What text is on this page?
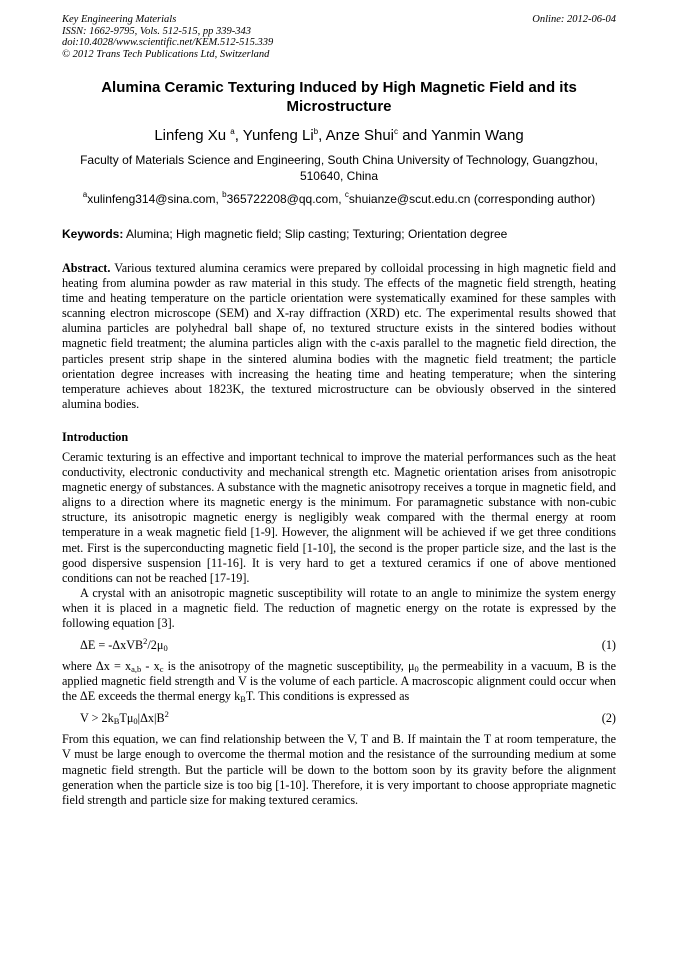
Key Engineering Materials
ISSN: 1662-9795, Vols. 512-515, pp 339-343
doi:10.4028/www.scientific.net/KEM.512-515.339
© 2012 Trans Tech Publications Ltd, Switzerland
Online: 2012-06-04
Alumina Ceramic Texturing Induced by High Magnetic Field and its Microstructure
Linfeng Xu $^a$, Yunfeng Li$^b$, Anze Shui$^c$ and Yanmin Wang
Faculty of Materials Science and Engineering, South China University of Technology, Guangzhou, 510640, China
$^a$xulinfeng314@sina.com, $^b$365722208@qq.com, $^c$shuianze@scut.edu.cn (corresponding author)
Keywords: Alumina; High magnetic field; Slip casting; Texturing; Orientation degree
Abstract. Various textured alumina ceramics were prepared by colloidal processing in high magnetic field and heating from alumina powder as raw material in this study. The effects of the magnetic field strength, heating time and heating temperature on the particle orientation were systematically examined for these samples with scanning electron microscope (SEM) and X-ray diffraction (XRD) etc. The experimental results showed that alumina particles are polyhedral ball shape of, no textured structure exists in the sintered bodies without magnetic field treatment; the alumina particles align with the c-axis parallel to the magnetic field direction, the particles present strip shape in the sintered alumina bodies with the magnetic field treatment; the particle orientation degree increases with increasing the heating time and heating temperature; when the sintering temperature achieves about 1823K, the textured microstructure can be obviously observed in the sintered alumina bodies.
Introduction
Ceramic texturing is an effective and important technical to improve the material performances such as the heat conductivity, electronic conductivity and mechanical strength etc. Magnetic orientation arises from anisotropic magnetic energy of substances. A substance with the magnetic anisotropy receives a torque in magnetic field, and aligns to a direction where its magnetic energy is the minimum. For paramagnetic substance with non-cubic structure, its anisotropic magnetic energy is negligibly weak compared with the thermal energy at room temperature in a weak magnetic field [1-9]. However, the alignment will be achieved if we get three conditions met. First is the superconducting magnetic field [1-10], the second is the proper particle size, and the last is the good dispersive suspension [11-16]. It is very hard to get a textured ceramics if one of above mentioned conditions can not be reached [17-19].
A crystal with an anisotropic magnetic susceptibility will rotate to an angle to minimize the system energy when it is placed in a magnetic field. The reduction of magnetic energy on the rotate is expressed by the following equation [3].
$\Delta E = -\Delta xVB^2/2\mu_0$	(1)
where $\Delta x = x_{a,b} - x_c$ is the anisotropy of the magnetic susceptibility, $\mu_0$ the permeability in a vacuum, B is the applied magnetic field strength and V is the volume of each particle. A macroscopic alignment could occur when the ΔE exceeds the thermal energy $k_BT$. This conditions is expressed as
$V > 2k_BT\mu_0|\Delta x|B^2$	(2)
From this equation, we can find relationship between the V, T and B. If maintain the T at room temperature, the V must be large enough to overcome the thermal motion and the resistance of the surrounding medium at some magnetic field strength. But the particle will be down to the bottom soon by its gravity before the alignment generation when the particle size is too big [1-10]. Therefore, it is very important to choose appropriate magnetic field strength and particle size for making textured ceramics.
